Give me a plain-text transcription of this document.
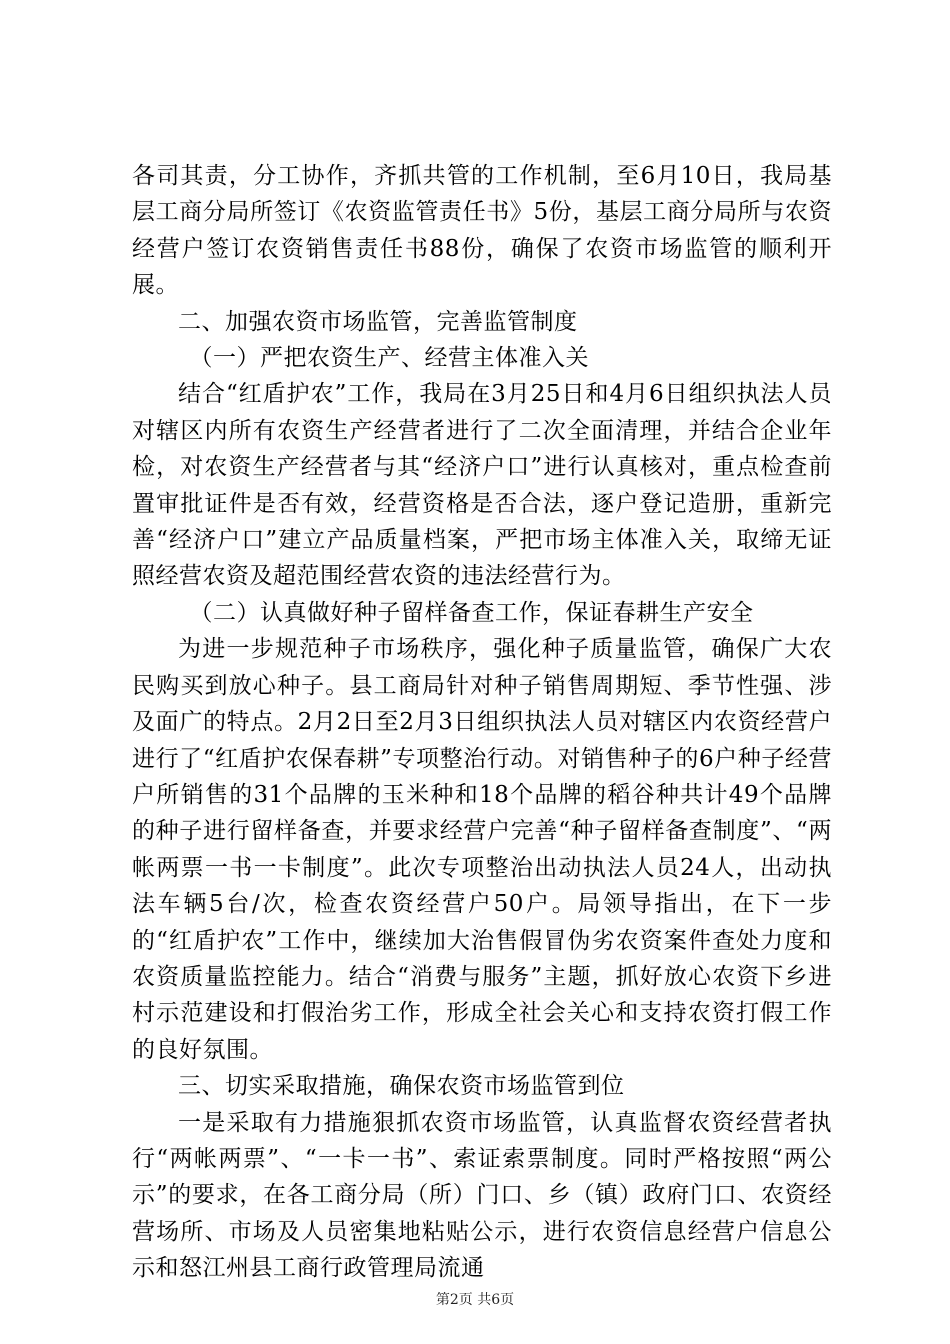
各司其责，分工协作，齐抓共管的工作机制，至6月10日，我局基层工商分局所签订《农资监管责任书》5份，基层工商分局所与农资经营户签订农资销售责任书88份，确保了农资市场监管的顺利开展。

二、加强农资市场监管，完善监管制度

（一）严把农资生产、经营主体准入关

结合“红盾护农”工作，我局在3月25日和4月6日组织执法人员对辖区内所有农资生产经营者进行了二次全面清理，并结合企业年检，对农资生产经营者与其“经济户口”进行认真核对，重点检查前置审批证件是否有效，经营资格是否合法，逐户登记造册，重新完善“经济户口”建立产品质量档案，严把市场主体准入关，取缔无证照经营农资及超范围经营农资的违法经营行为。

（二）认真做好种子留样备查工作，保证春耕生产安全

为进一步规范种子市场秩序，强化种子质量监管，确保广大农民购买到放心种子。县工商局针对种子销售周期短、季节性强、涉及面广的特点。2月2日至2月3日组织执法人员对辖区内农资经营户进行了“红盾护农保春耕”专项整治行动。对销售种子的6户种子经营户所销售的31个品牌的玉米种和18个品牌的稻谷种共计49个品牌的种子进行留样备查，并要求经营户完善“种子留样备查制度”、“两帐两票一书一卡制度”。此次专项整治出动执法人员24人，出动执法车辆5台/次，检查农资经营户50户。局领导指出，在下一步的“红盾护农”工作中，继续加大治售假冒伪劣农资案件查处力度和农资质量监控能力。结合“消费与服务”主题，抓好放心农资下乡进村示范建设和打假治劣工作，形成全社会关心和支持农资打假工作的良好氛围。

三、切实采取措施，确保农资市场监管到位

一是采取有力措施狠抓农资市场监管，认真监督农资经营者执行“两帐两票”、“一卡一书”、索证索票制度。同时严格按照“两公示”的要求，在各工商分局（所）门口、乡（镇）政府门口、农资经营场所、市场及人员密集地粘贴公示，进行农资信息经营户信息公示和怒江州县工商行政管理局流通

第2页 共6页
